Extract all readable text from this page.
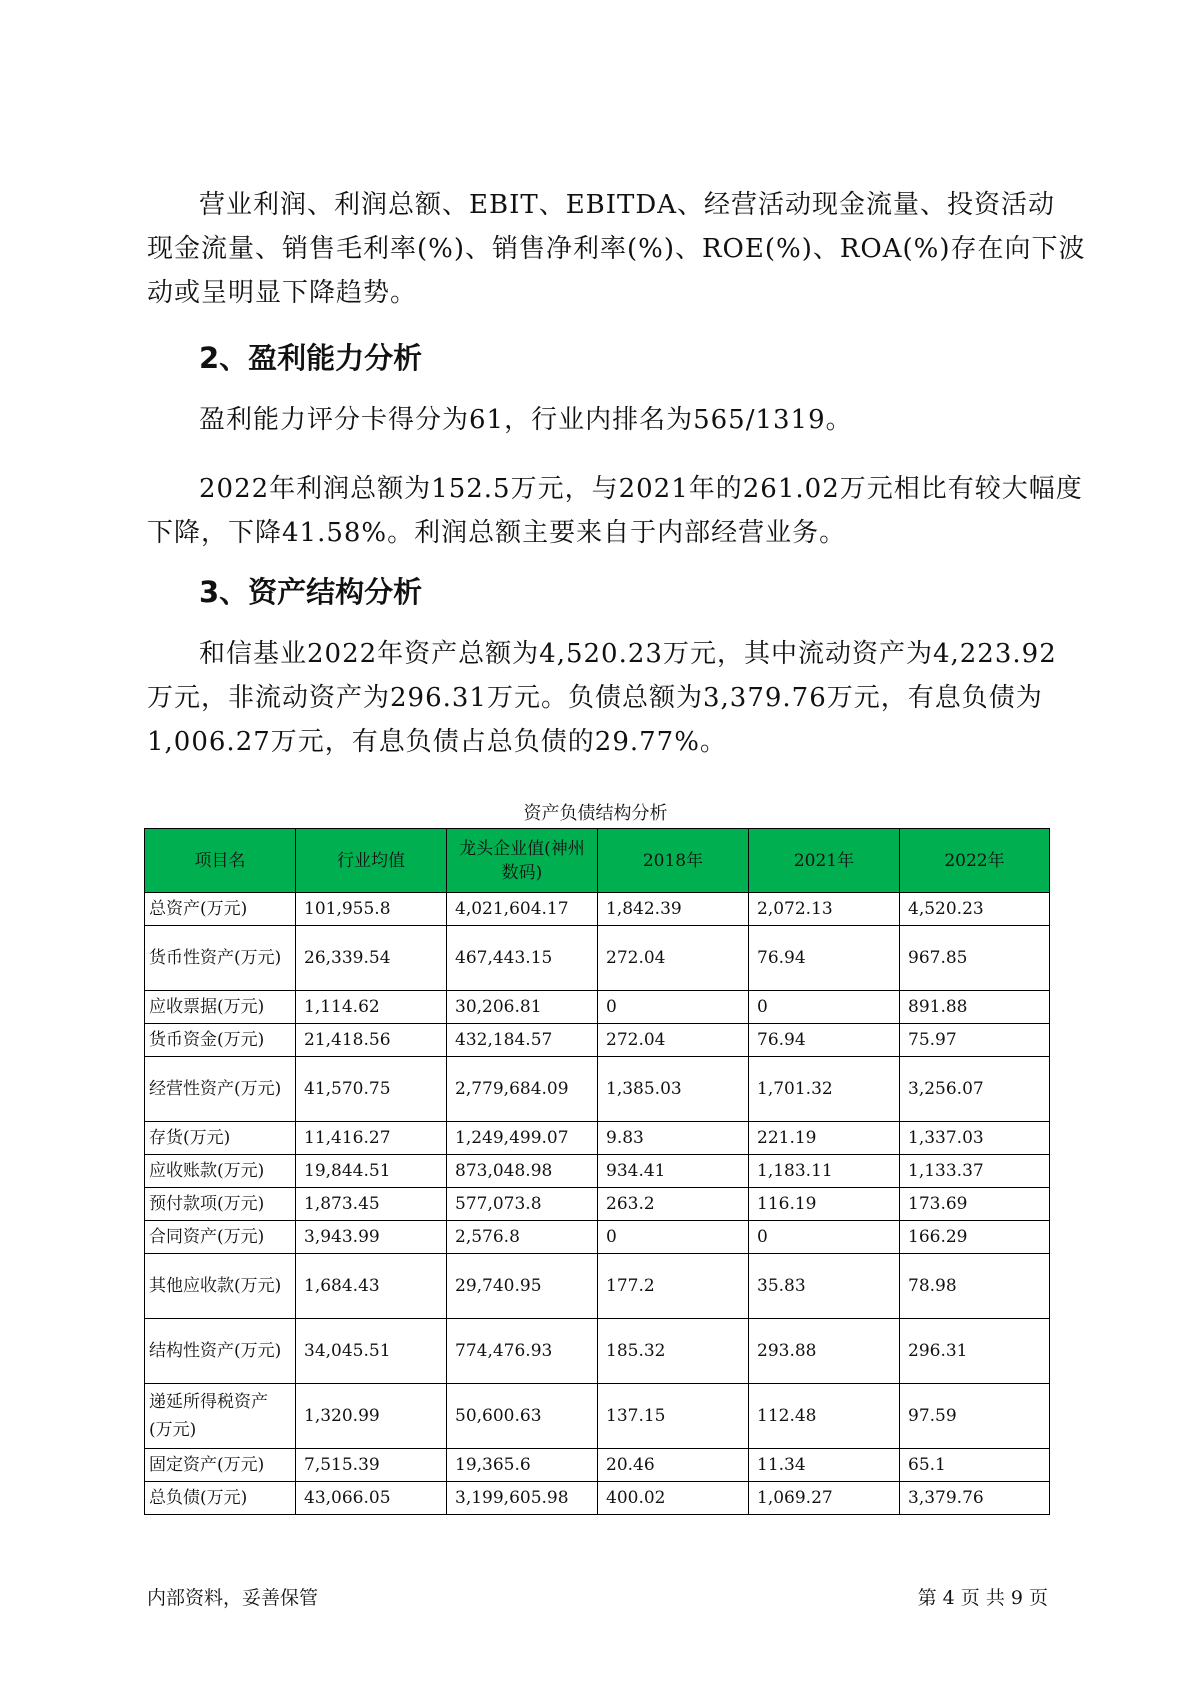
营业利润、利润总额、EBIT、EBITDA、经营活动现金流量、投资活动
现金流量、销售毛利率(%)、销售净利率(%)、ROE(%)、ROA(%)存在向下波
动或呈明显下降趋势。

2、盈利能力分析

盈利能力评分卡得分为61，行业内排名为565/1319。

2022年利润总额为152.5万元，与2021年的261.02万元相比有较大幅度
下降，下降41.58%。利润总额主要来自于内部经营业务。

3、资产结构分析

和信基业2022年资产总额为4,520.23万元，其中流动资产为4,223.92
万元，非流动资产为296.31万元。负债总额为3,379.76万元，有息负债为
1,006.27万元，有息负债占总负债的29.77%。

资产负债结构分析
项目名	行业均值	龙头企业值(神州数码)	2018年	2021年	2022年
总资产(万元)	101,955.8	4,021,604.17	1,842.39	2,072.13	4,520.23
货币性资产(万元)	26,339.54	467,443.15	272.04	76.94	967.85
应收票据(万元)	1,114.62	30,206.81	0	0	891.88
货币资金(万元)	21,418.56	432,184.57	272.04	76.94	75.97
经营性资产(万元)	41,570.75	2,779,684.09	1,385.03	1,701.32	3,256.07
存货(万元)	11,416.27	1,249,499.07	9.83	221.19	1,337.03
应收账款(万元)	19,844.51	873,048.98	934.41	1,183.11	1,133.37
预付款项(万元)	1,873.45	577,073.8	263.2	116.19	173.69
合同资产(万元)	3,943.99	2,576.8	0	0	166.29
其他应收款(万元)	1,684.43	29,740.95	177.2	35.83	78.98
结构性资产(万元)	34,045.51	774,476.93	185.32	293.88	296.31
递延所得税资产(万元)	1,320.99	50,600.63	137.15	112.48	97.59
固定资产(万元)	7,515.39	19,365.6	20.46	11.34	65.1
总负债(万元)	43,066.05	3,199,605.98	400.02	1,069.27	3,379.76
内部资料，妥善保管	第 4 页 共 9 页
